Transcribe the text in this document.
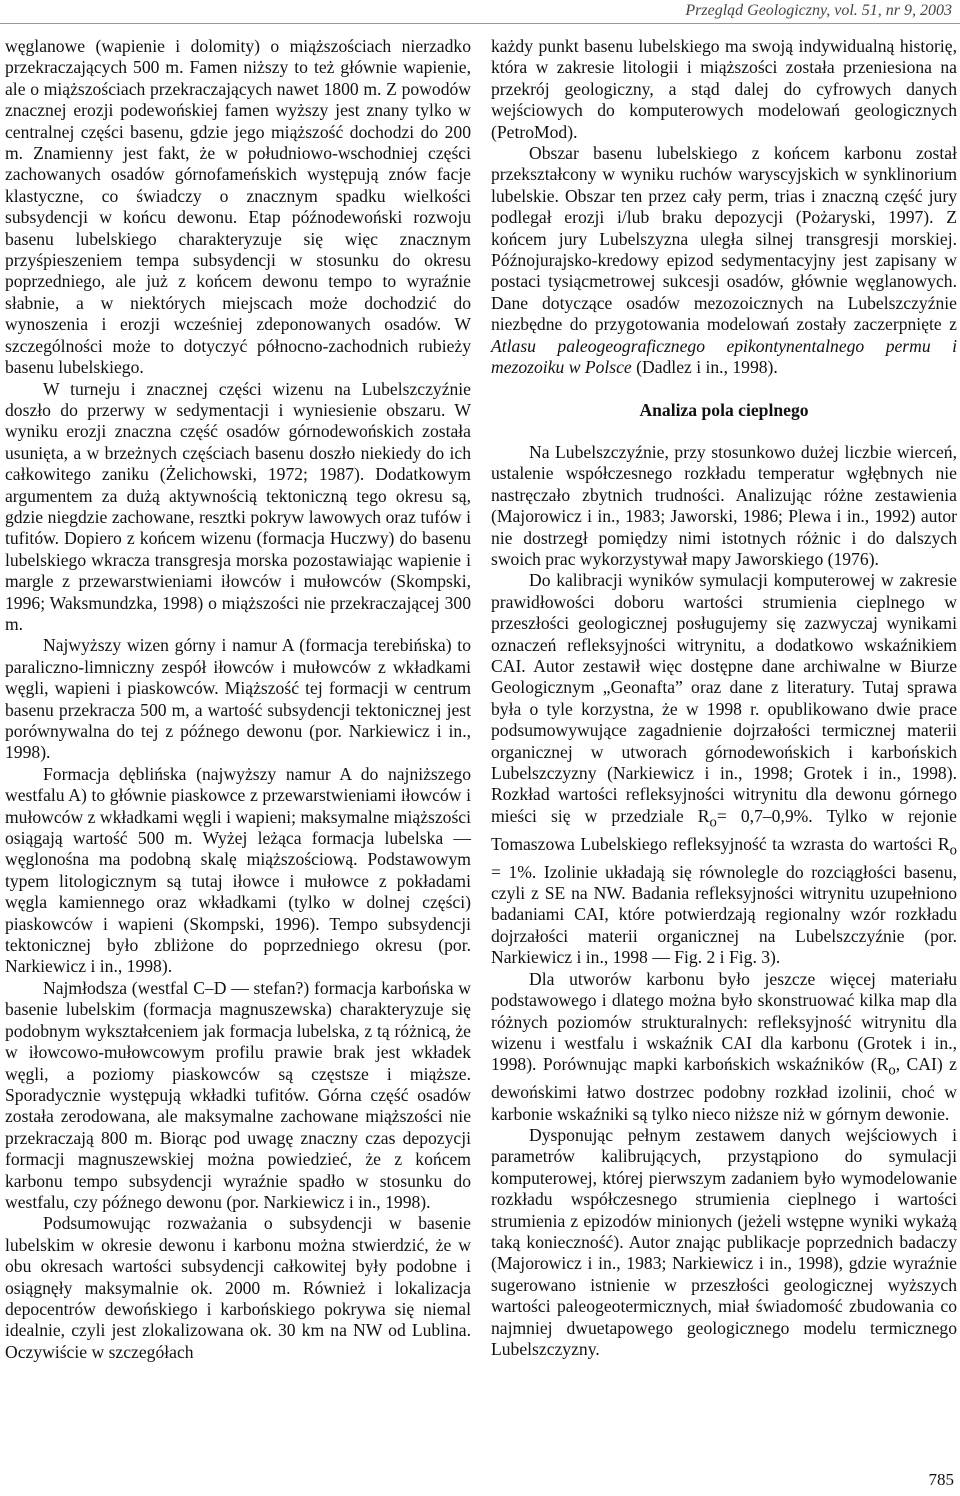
Przegląd Geologiczny, vol. 51, nr 9, 2003

węglanowe (wapienie i dolomity) o miąższościach nierzadko przekraczających 500 m. Famen niższy to też głównie wapienie, ale o miąższościach przekraczających nawet 1800 m. Z powodów znacznej erozji podewońskiej famen wyższy jest znany tylko w centralnej części basenu, gdzie jego miąższość dochodzi do 200 m. Znamienny jest fakt, że w południowo-wschodniej części zachowanych osadów górnofameńskich występują znów facje klastyczne, co świadczy o znacznym spadku wielkości subsydencji w końcu dewonu. Etap późnodewoński rozwoju basenu lubelskiego charakteryzuje się więc znacznym przyśpieszeniem tempa subsydencji w stosunku do okresu poprzedniego, ale już z końcem dewonu tempo to wyraźnie słabnie, a w niektórych miejscach może dochodzić do wynoszenia i erozji wcześniej zdeponowanych osadów. W szczególności może to dotyczyć północno-zachodnich rubieży basenu lubelskiego.

W turneju i znacznej części wizenu na Lubelszczyźnie doszło do przerwy w sedymentacji i wyniesienie obszaru. W wyniku erozji znaczna część osadów górnodewońskich została usunięta, a w brzeżnych częściach basenu doszło niekiedy do ich całkowitego zaniku (Żelichowski, 1972; 1987). Dodatkowym argumentem za dużą aktywnością tektoniczną tego okresu są, gdzie niegdzie zachowane, resztki pokryw lawowych oraz tufów i tufitów. Dopiero z końcem wizenu (formacja Huczwy) do basenu lubelskiego wkracza transgresja morska pozostawiając wapienie i margle z przewarstwieniami iłowców i mułowców (Skompski, 1996; Waksmundzka, 1998) o miąższości nie przekraczającej 300 m.

Najwyższy wizen górny i namur A (formacja terebińska) to paraliczno-limniczny zespół iłowców i mułowców z wkładkami węgli, wapieni i piaskowców. Miąższość tej formacji w centrum basenu przekracza 500 m, a wartość subsydencji tektonicznej jest porównywalna do tej z późnego dewonu (por. Narkiewicz i in., 1998).

Formacja dęblińska (najwyższy namur A do najniższego westfalu A) to głównie piaskowce z przewarstwieniami iłowców i mułowców z wkładkami węgli i wapieni; maksymalne miąższości osiągają wartość 500 m. Wyżej leżąca formacja lubelska — węglonośna ma podobną skalę miąższościową. Podstawowym typem litologicznym są tutaj iłowce i mułowce z pokładami węgla kamiennego oraz wkładkami (tylko w dolnej części) piaskowców i wapieni (Skompski, 1996). Tempo subsydencji tektonicznej było zbliżone do poprzedniego okresu (por. Narkiewicz i in., 1998).

Najmłodsza (westfal C–D — stefan?) formacja karbońska w basenie lubelskim (formacja magnuszewska) charakteryzuje się podobnym wykształceniem jak formacja lubelska, z tą różnicą, że w iłowcowo-mułowcowym profilu prawie brak jest wkładek węgli, a poziomy piaskowców są częstsze i miąższe. Sporadycznie występują wkładki tufitów. Górna część osadów została zerodowana, ale maksymalne zachowane miąższości nie przekraczają 800 m. Biorąc pod uwagę znaczny czas depozycji formacji magnuszewskiej można powiedzieć, że z końcem karbonu tempo subsydencji wyraźnie spadło w stosunku do westfalu, czy późnego dewonu (por. Narkiewicz i in., 1998).

Podsumowując rozważania o subsydencji w basenie lubelskim w okresie dewonu i karbonu można stwierdzić, że w obu okresach wartości subsydencji całkowitej były podobne i osiągnęły maksymalnie ok. 2000 m. Również i lokalizacja depocentrów dewońskiego i karbońskiego pokrywa się niemal idealnie, czyli jest zlokalizowana ok. 30 km na NW od Lublina. Oczywiście w szczegółach

każdy punkt basenu lubelskiego ma swoją indywidualną historię, która w zakresie litologii i miąższości została przeniesiona na przekrój geologiczny, a stąd dalej do cyfrowych danych wejściowych do komputerowych modelowań geologicznych (PetroMod).

Obszar basenu lubelskiego z końcem karbonu został przekształcony w wyniku ruchów waryscyjskich w synklinorium lubelskie. Obszar ten przez cały perm, trias i znaczną część jury podlegał erozji i/lub braku depozycji (Pożaryski, 1997). Z końcem jury Lubelszyzna uległa silnej transgresji morskiej. Późnojurajsko-kredowy epizod sedymentacyjny jest zapisany w postaci tysiącmetrowej sukcesji osadów, głównie węglanowych. Dane dotyczące osadów mezozoicznych na Lubelszczyźnie niezbędne do przygotowania modelowań zostały zaczerpnięte z Atlasu paleogeograficznego epikontynentalnego permu i mezozoiku w Polsce (Dadlez i in., 1998).

Analiza pola cieplnego

Na Lubelszczyźnie, przy stosunkowo dużej liczbie wierceń, ustalenie współczesnego rozkładu temperatur wgłębnych nie nastręczało zbytnich trudności. Analizując różne zestawienia (Majorowicz i in., 1983; Jaworski, 1986; Plewa i in., 1992) autor nie dostrzegł pomiędzy nimi istotnych różnic i do dalszych swoich prac wykorzystywał mapy Jaworskiego (1976).

Do kalibracji wyników symulacji komputerowej w zakresie prawidłowości doboru wartości strumienia cieplnego w przeszłości geologicznej posługujemy się zazwyczaj wynikami oznaczeń refleksyjności witrynitu, a dodatkowo wskaźnikiem CAI. Autor zestawił więc dostępne dane archiwalne w Biurze Geologicznym „Geonafta” oraz dane z literatury. Tutaj sprawa była o tyle korzystna, że w 1998 r. opublikowano dwie prace podsumowywujące zagadnienie dojrzałości termicznej materii organicznej w utworach górnodewońskich i karbońskich Lubelszczyzny (Narkiewicz i in., 1998; Grotek i in., 1998). Rozkład wartości refleksyjności witrynitu dla dewonu górnego mieści się w przedziale $R_o= 0,7-0,9\%$. Tylko w rejonie Tomaszowa Lubelskiego refleksyjność ta wzrasta do wartości $R_o = 1\%$. Izolinie układają się równolegle do rozciągłości basenu, czyli z SE na NW. Badania refleksyjności witrynitu uzupełniono badaniami CAI, które potwierdzają regionalny wzór rozkładu dojrzałości materii organicznej na Lubelszczyźnie (por. Narkiewicz i in., 1998 — Fig. 2 i Fig. 3).

Dla utworów karbonu było jeszcze więcej materiału podstawowego i dlatego można było skonstruować kilka map dla różnych poziomów strukturalnych: refleksyjność witrynitu dla wizenu i westfalu i wskaźnik CAI dla karbonu (Grotek i in., 1998). Porównując mapki karbońskich wskaźników ($R_o$, CAI) z dewońskimi łatwo dostrzec podobny rozkład izolinii, choć w karbonie wskaźniki są tylko nieco niższe niż w górnym dewonie.

Dysponując pełnym zestawem danych wejściowych i parametrów kalibrujących, przystąpiono do symulacji komputerowej, której pierwszym zadaniem było wymodelowanie rozkładu współczesnego strumienia cieplnego i wartości strumienia z epizodów minionych (jeżeli wstępne wyniki wykażą taką konieczność). Autor znając publikacje poprzednich badaczy (Majorowicz i in., 1983; Narkiewicz i in., 1998), gdzie wyraźnie sugerowano istnienie w przeszłości geologicznej wyższych wartości paleogeotermicznych, miał świadomość zbudowania co najmniej dwuetapowego geologicznego modelu termicznego Lubelszczyzny.

785
